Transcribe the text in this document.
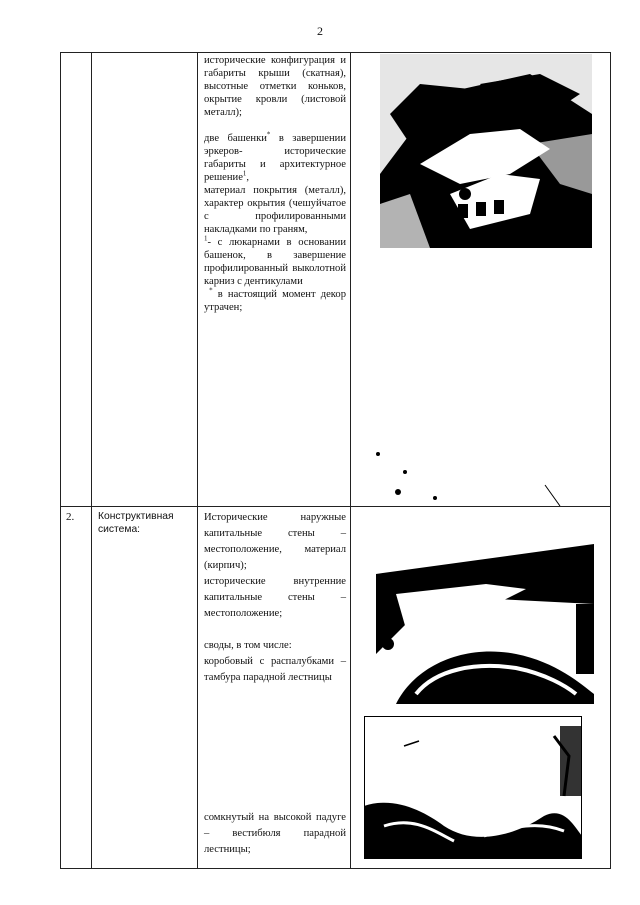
2

исторические конфигурация и габариты крыши (скатная), высотные отметки коньков, окрытие кровли (листовой металл);

две башенки* в завершении эркеров- исторические габариты и архитектурное решение$^1$,

материал покрытия (металл), характер окрытия (чешуйчатое с профилированными накладками по граням,

$^1$- с люкарнами в основании башенок, в завершение профилированный выколотной карниз с дентикулами

* в настоящий момент декор утрачен;

2. Конструктивная система:

Исторические наружные капитальные стены – местоположение, материал (кирпич);

исторические внутренние капитальные стены – местоположение;

своды, в том числе:

коробовый с распалубками – тамбура парадной лестницы

сомкнутый на высокой падуге – вестибюля парадной лестницы;
